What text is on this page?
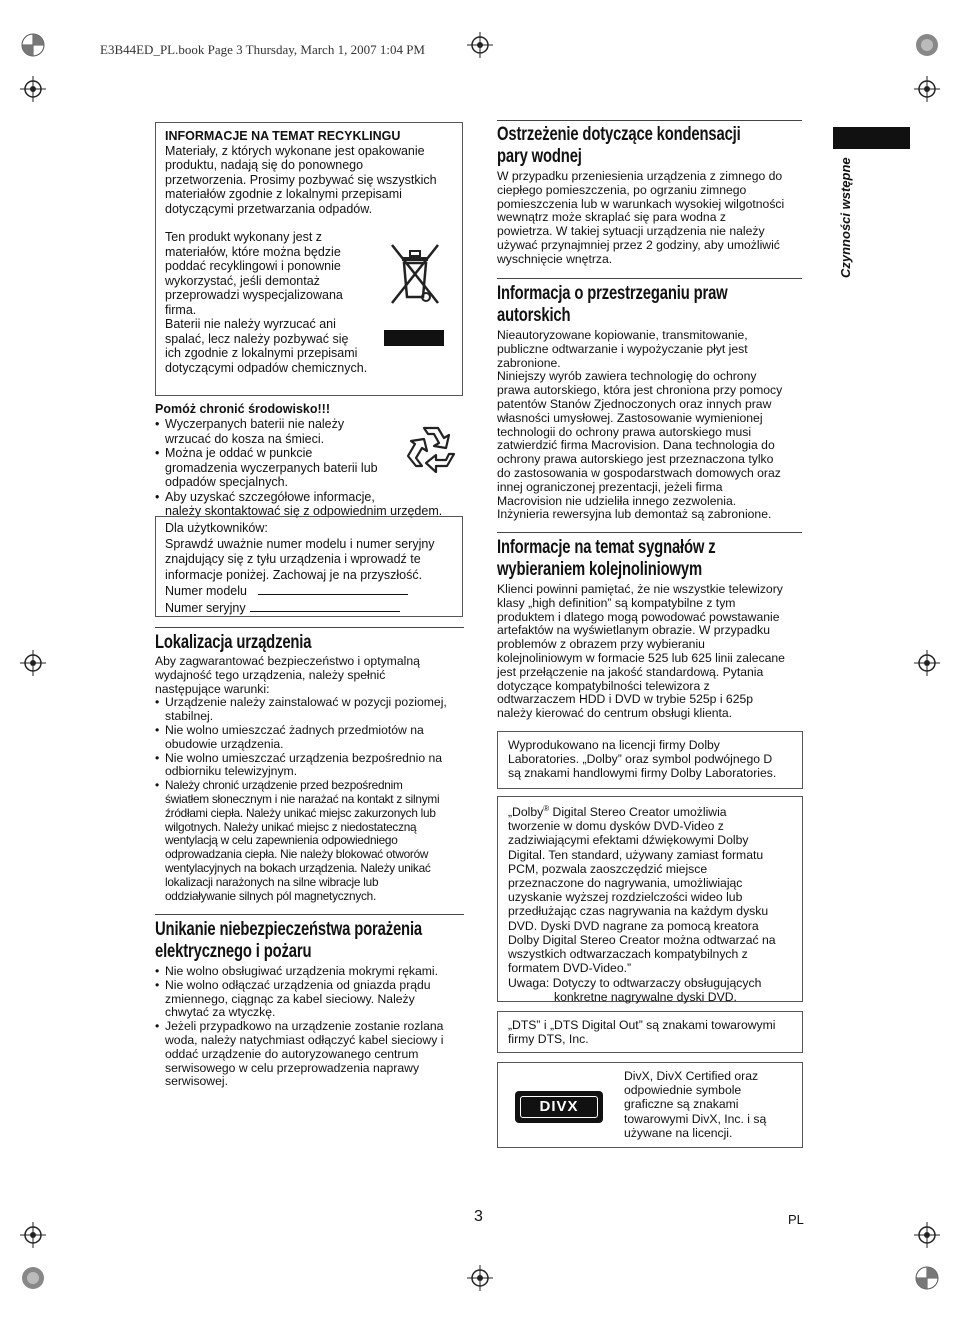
E3B44ED_PL.book Page 3 Thursday, March 1, 2007 1:04 PM
Czynności wstępne

INFORMACJE NA TEMAT RECYKLINGU

Materiały, z których wykonane jest opakowanie
produktu, nadają się do ponownego
przetworzenia. Prosimy pozbywać się wszystkich
materiałów zgodnie z lokalnymi przepisami
dotyczącymi przetwarzania odpadów.

Ten produkt wykonany jest z
materiałów, które można będzie
poddać recyklingowi i ponownie
wykorzystać, jeśli demontaż
przeprowadzi wyspecjalizowana
firma.

Baterii nie należy wyrzucać ani
spalać, lecz należy pozbywać się
ich zgodnie z lokalnymi przepisami
dotyczącymi odpadów chemicznych.

Pomóż chronić środowisko!!!

• Wyczerpanych baterii nie należy
wrzucać do kosza na śmieci.
• Można je oddać w punkcie
gromadzenia wyczerpanych baterii lub
odpadów specjalnych.
• Aby uzyskać szczegółowe informacje,
należy skontaktować się z odpowiednim urzędem.

Dla użytkowników:

Sprawdź uważnie numer modelu i numer seryjny
znajdujący się z tyłu urządzenia i wprowadź te
informacje poniżej. Zachowaj je na przyszłość.

Numer modelu

Numer seryjny

Lokalizacja urządzenia

Aby zagwarantować bezpieczeństwo i optymalną
wydajność tego urządzenia, należy spełnić
następujące warunki:

• Urządzenie należy zainstalować w pozycji poziomej,
stabilnej.
• Nie wolno umieszczać żadnych przedmiotów na
obudowie urządzenia.
• Nie wolno umieszczać urządzenia bezpośrednio na
odbiorniku telewizyjnym.
• Należy chronić urządzenie przed bezpośrednim
światłem słonecznym i nie narażać na kontakt z silnymi
źródłami ciepła. Należy unikać miejsc zakurzonych lub
wilgotnych. Należy unikać miejsc z niedostateczną
wentylacją w celu zapewnienia odpowiedniego
odprowadzania ciepła. Nie należy blokować otworów
wentylacyjnych na bokach urządzenia. Należy unikać
lokalizacji narażonych na silne wibracje lub
oddziaływanie silnych pól magnetycznych.

Unikanie niebezpieczeństwa porażenia
elektrycznego i pożaru

• Nie wolno obsługiwać urządzenia mokrymi rękami.
• Nie wolno odłączać urządzenia od gniazda prądu
zmiennego, ciągnąc za kabel sieciowy. Należy
chwytać za wtyczkę.
• Jeżeli przypadkowo na urządzenie zostanie rozlana
woda, należy natychmiast odłączyć kabel sieciowy i
oddać urządzenie do autoryzowanego centrum
serwisowego w celu przeprowadzenia naprawy
serwisowej.

Ostrzeżenie dotyczące kondensacji
pary wodnej

W przypadku przeniesienia urządzenia z zimnego do
ciepłego pomieszczenia, po ogrzaniu zimnego
pomieszczenia lub w warunkach wysokiej wilgotności
wewnątrz może skraplać się para wodna z
powietrza. W takiej sytuacji urządzenia nie należy
używać przynajmniej przez 2 godziny, aby umożliwić
wyschnięcie wnętrza.

Informacja o przestrzeganiu praw
autorskich

Nieautoryzowane kopiowanie, transmitowanie,
publiczne odtwarzanie i wypożyczanie płyt jest
zabronione.
Niniejszy wyrób zawiera technologię do ochrony
prawa autorskiego, która jest chroniona przy pomocy
patentów Stanów Zjednoczonych oraz innych praw
własności umysłowej. Zastosowanie wymienionej
technologii do ochrony prawa autorskiego musi
zatwierdzić firma Macrovision. Dana technologia do
ochrony prawa autorskiego jest przeznaczona tylko
do zastosowania w gospodarstwach domowych oraz
innej ograniczonej prezentacji, jeżeli firma
Macrovision nie udzieliła innego zezwolenia.
Inżynieria rewersyjna lub demontaż są zabronione.

Informacje na temat sygnałów z
wybieraniem kolejnoliniowym

Klienci powinni pamiętać, że nie wszystkie telewizory
klasy „high definition” są kompatybilne z tym
produktem i dlatego mogą powodować powstawanie
artefaktów na wyświetlanym obrazie. W przypadku
problemów z obrazem przy wybieraniu
kolejnoliniowym w formacie 525 lub 625 linii zalecane
jest przełączenie na jakość standardową. Pytania
dotyczące kompatybilności telewizora z
odtwarzaczem HDD i DVD w trybie 525p i 625p
należy kierować do centrum obsługi klienta.

Wyprodukowano na licencji firmy Dolby
Laboratories. „Dolby” oraz symbol podwójnego D
są znakami handlowymi firmy Dolby Laboratories.

„Dolby® Digital Stereo Creator umożliwia
tworzenie w domu dysków DVD-Video z
zadziwiającymi efektami dźwiękowymi Dolby
Digital. Ten standard, używany zamiast formatu
PCM, pozwala zaoszczędzić miejsce
przeznaczone do nagrywania, umożliwiając
uzyskanie wyższej rozdzielczości wideo lub
przedłużając czas nagrywania na każdym dysku
DVD. Dyski DVD nagrane za pomocą kreatora
Dolby Digital Stereo Creator można odtwarzać na
wszystkich odtwarzaczach kompatybilnych z
formatem DVD-Video.”
Uwaga: Dotyczy to odtwarzaczy obsługujących
konkretne nagrywalne dyski DVD.

„DTS” i „DTS Digital Out” są znakami towarowymi
firmy DTS, Inc.

DIVX

DivX, DivX Certified oraz
odpowiednie symbole
graficzne są znakami
towarowymi DivX, Inc. i są
używane na licencji.

3	PL
